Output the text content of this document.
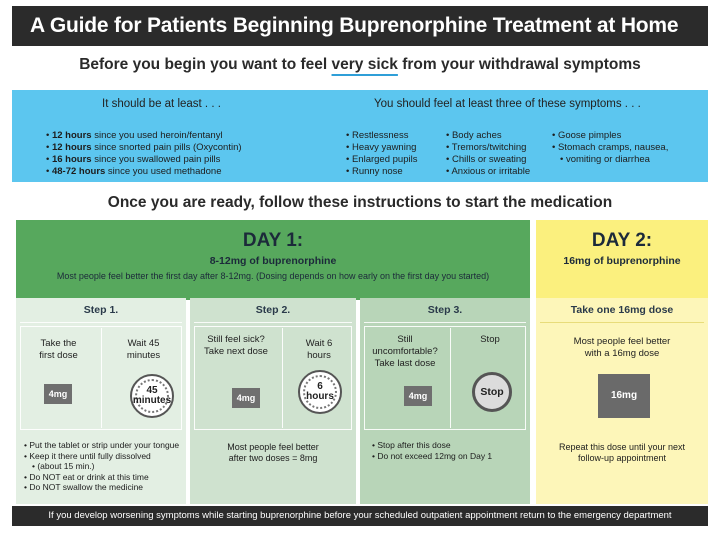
A Guide for Patients Beginning Buprenorphine Treatment at Home
Before you begin you want to feel very sick from your withdrawal symptoms
It should be at least . . .	You should feel at least three of these symptoms . . .
• 12 hours since you used heroin/fentanyl
• 12 hours since snorted pain pills (Oxycontin)
• 16 hours since you swallowed pain pills
• 48-72 hours since you used methadone
• Restlessness
• Heavy yawning
• Enlarged pupils
• Runny nose
• Body aches
• Tremors/twitching
• Chills or sweating
• Anxious or irritable
• Goose pimples
• Stomach cramps, nausea,
• vomiting or diarrhea
Once you are ready, follow these instructions to start the medication
DAY 1:
8-12mg of buprenorphine
Most people feel better the first day after 8-12mg. (Dosing depends on how early on the first day you started)
DAY 2:
16mg of buprenorphine
Step 1.
Take the
first dose
Wait 45
minutes
4mg	45
minutes
• Put the tablet or strip under your tongue
• Keep it there until fully dissolved
• (about 15 min.)
• Do NOT eat or drink at this time
• Do NOT swallow the medicine
Step 2.
Still feel sick?
Take next dose
Wait 6
hours
4mg
6
hours
Most people feel better
after two doses = 8mg
Step 3.
Still
uncomfortable?
Take last dose
Stop
4mg	Stop
• Stop after this dose
• Do not exceed 12mg on Day 1
Take one 16mg dose
Most people feel better
with a 16mg dose
16mg
Repeat this dose until your next
follow-up appointment
If you develop worsening symptoms while starting buprenorphine before your scheduled outpatient appointment return to the emergency department
